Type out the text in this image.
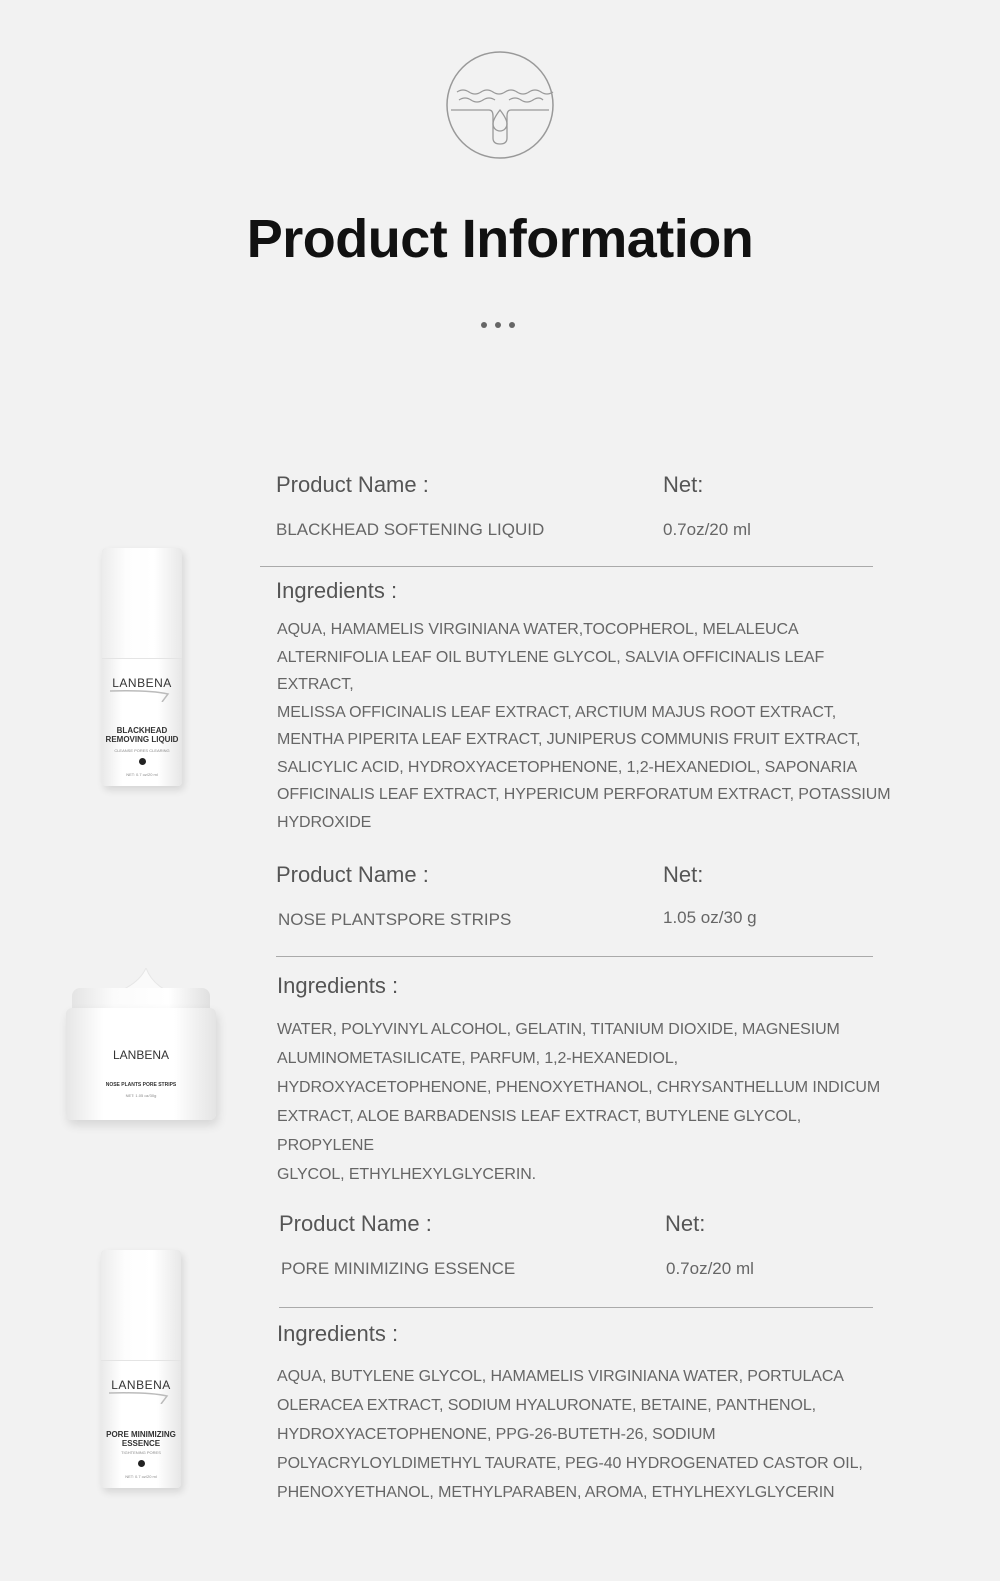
Product Information
Product Name :	Net:
BLACKHEAD SOFTENING LIQUID	0.7oz/20 ml
Ingredients :
AQUA, HAMAMELIS VIRGINIANA WATER,TOCOPHEROL, MELALEUCA
ALTERNIFOLIA LEAF OIL BUTYLENE GLYCOL, SALVIA OFFICINALIS LEAF EXTRACT,
MELISSA OFFICINALIS LEAF EXTRACT, ARCTIUM MAJUS ROOT EXTRACT,
MENTHA PIPERITA LEAF EXTRACT, JUNIPERUS COMMUNIS FRUIT EXTRACT,
SALICYLIC ACID, HYDROXYACETOPHENONE, 1,2-HEXANEDIOL, SAPONARIA
OFFICINALIS LEAF EXTRACT, HYPERICUM PERFORATUM EXTRACT, POTASSIUM
HYDROXIDE
LANBENA
BLACKHEAD
REMOVING LIQUID
CLEANSE PORES CLEARING
NET: 0.7 oz/20 ml
Product Name :	Net:
NOSE PLANTSPORE STRIPS	1.05 oz/30 g
Ingredients :
WATER, POLYVINYL ALCOHOL, GELATIN, TITANIUM DIOXIDE, MAGNESIUM
ALUMINOMETASILICATE, PARFUM, 1,2-HEXANEDIOL,
HYDROXYACETOPHENONE, PHENOXYETHANOL, CHRYSANTHELLUM INDICUM
EXTRACT, ALOE BARBADENSIS LEAF EXTRACT, BUTYLENE GLYCOL, PROPYLENE
GLYCOL, ETHYLHEXYLGLYCERIN.
LANBENA
NOSE PLANTS PORE STRIPS
NET: 1.05 oz/30g
Product Name :	Net:
PORE MINIMIZING ESSENCE	0.7oz/20 ml
Ingredients :
AQUA, BUTYLENE GLYCOL, HAMAMELIS VIRGINIANA WATER, PORTULACA
OLERACEA EXTRACT, SODIUM HYALURONATE, BETAINE, PANTHENOL,
HYDROXYACETOPHENONE, PPG-26-BUTETH-26, SODIUM
POLYACRYLOYLDIMETHYL TAURATE, PEG-40 HYDROGENATED CASTOR OIL,
PHENOXYETHANOL, METHYLPARABEN, AROMA, ETHYLHEXYLGLYCERIN
LANBENA
PORE MINIMIZING
ESSENCE
TIGHTENING PORES
NET: 0.7 oz/20 ml
